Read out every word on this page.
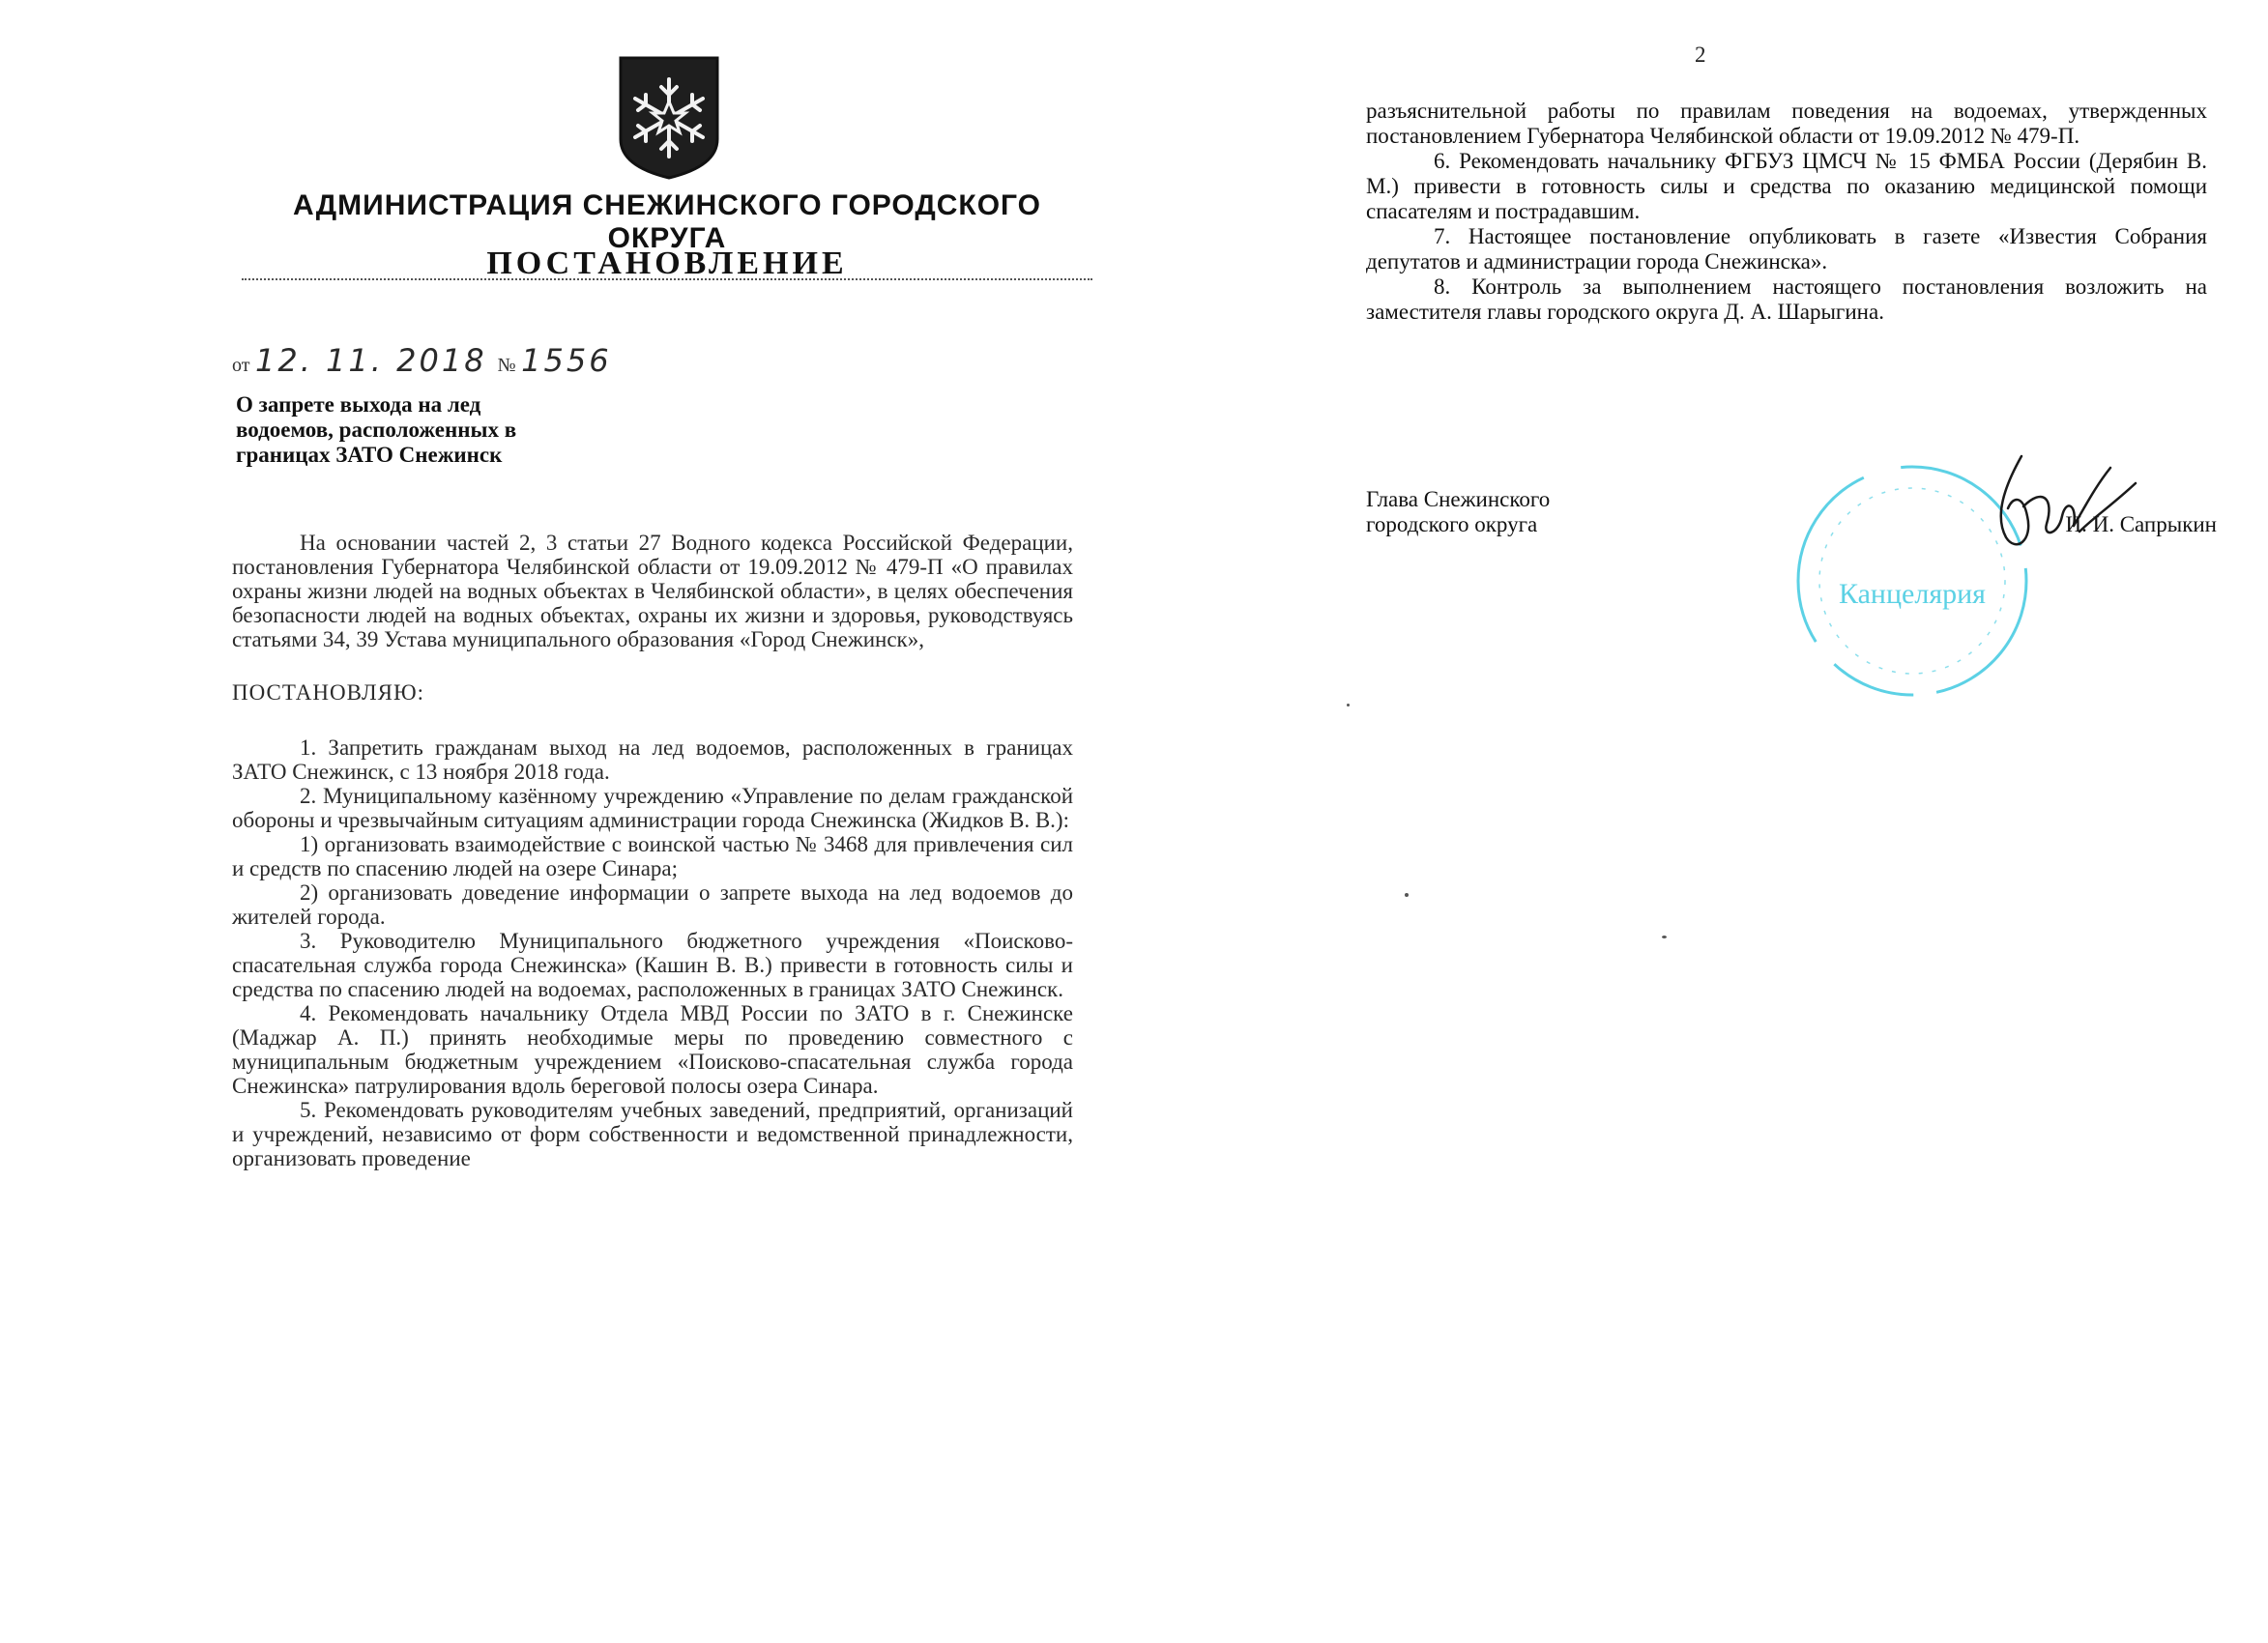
АДМИНИСТРАЦИЯ СНЕЖИНСКОГО ГОРОДСКОГО ОКРУГА
ПОСТАНОВЛЕНИЕ
от 12. 11. 2018 № 1556
О запрете выхода на лед
водоемов, расположенных в
границах ЗАТО Снежинск

На основании частей 2, 3 статьи 27 Водного кодекса Российской Федерации, постановления Губернатора Челябинской области от 19.09.2012 № 479-П «О правилах охраны жизни людей на водных объектах в Челябинской области», в целях обеспечения безопасности людей на водных объектах, охраны их жизни и здоровья, руководствуясь статьями 34, 39 Устава муниципального образования «Город Снежинск»,

ПОСТАНОВЛЯЮ:

1. Запретить гражданам выход на лед водоемов, расположенных в границах ЗАТО Снежинск, с 13 ноября 2018 года.

2. Муниципальному казённому учреждению «Управление по делам гражданской обороны и чрезвычайным ситуациям администрации города Снежинска (Жидков В. В.):

1) организовать взаимодействие с воинской частью № 3468 для привлечения сил и средств по спасению людей на озере Синара;

2) организовать доведение информации о запрете выхода на лед водоемов до жителей города.

3. Руководителю Муниципального бюджетного учреждения «Поисково-спасательная служба города Снежинска» (Кашин В. В.) привести в готовность силы и средства по спасению людей на водоемах, расположенных в границах ЗАТО Снежинск.

4. Рекомендовать начальнику Отдела МВД России по ЗАТО в г. Снежинске (Маджар А. П.) принять необходимые меры по проведению совместного с муниципальным бюджетным учреждением «Поисково-спасательная служба города Снежинска» патрулирования вдоль береговой полосы озера Синара.

5. Рекомендовать руководителям учебных заведений, предприятий, организаций и учреждений, независимо от форм собственности и ведомственной принадлежности, организовать проведение

2

разъяснительной работы по правилам поведения на водоемах, утвержденных постановлением Губернатора Челябинской области от 19.09.2012 № 479-П.

6. Рекомендовать начальнику ФГБУЗ ЦМСЧ № 15 ФМБА России (Дерябин В. М.) привести в готовность силы и средства по оказанию медицинской помощи спасателям и пострадавшим.

7. Настоящее постановление опубликовать в газете «Известия Собрания депутатов и администрации города Снежинска».

8. Контроль за выполнением настоящего постановления возложить на заместителя главы городского округа Д. А. Шарыгина.

Глава Снежинского
городского округа
Канцелярия
И. И. Сапрыкин
